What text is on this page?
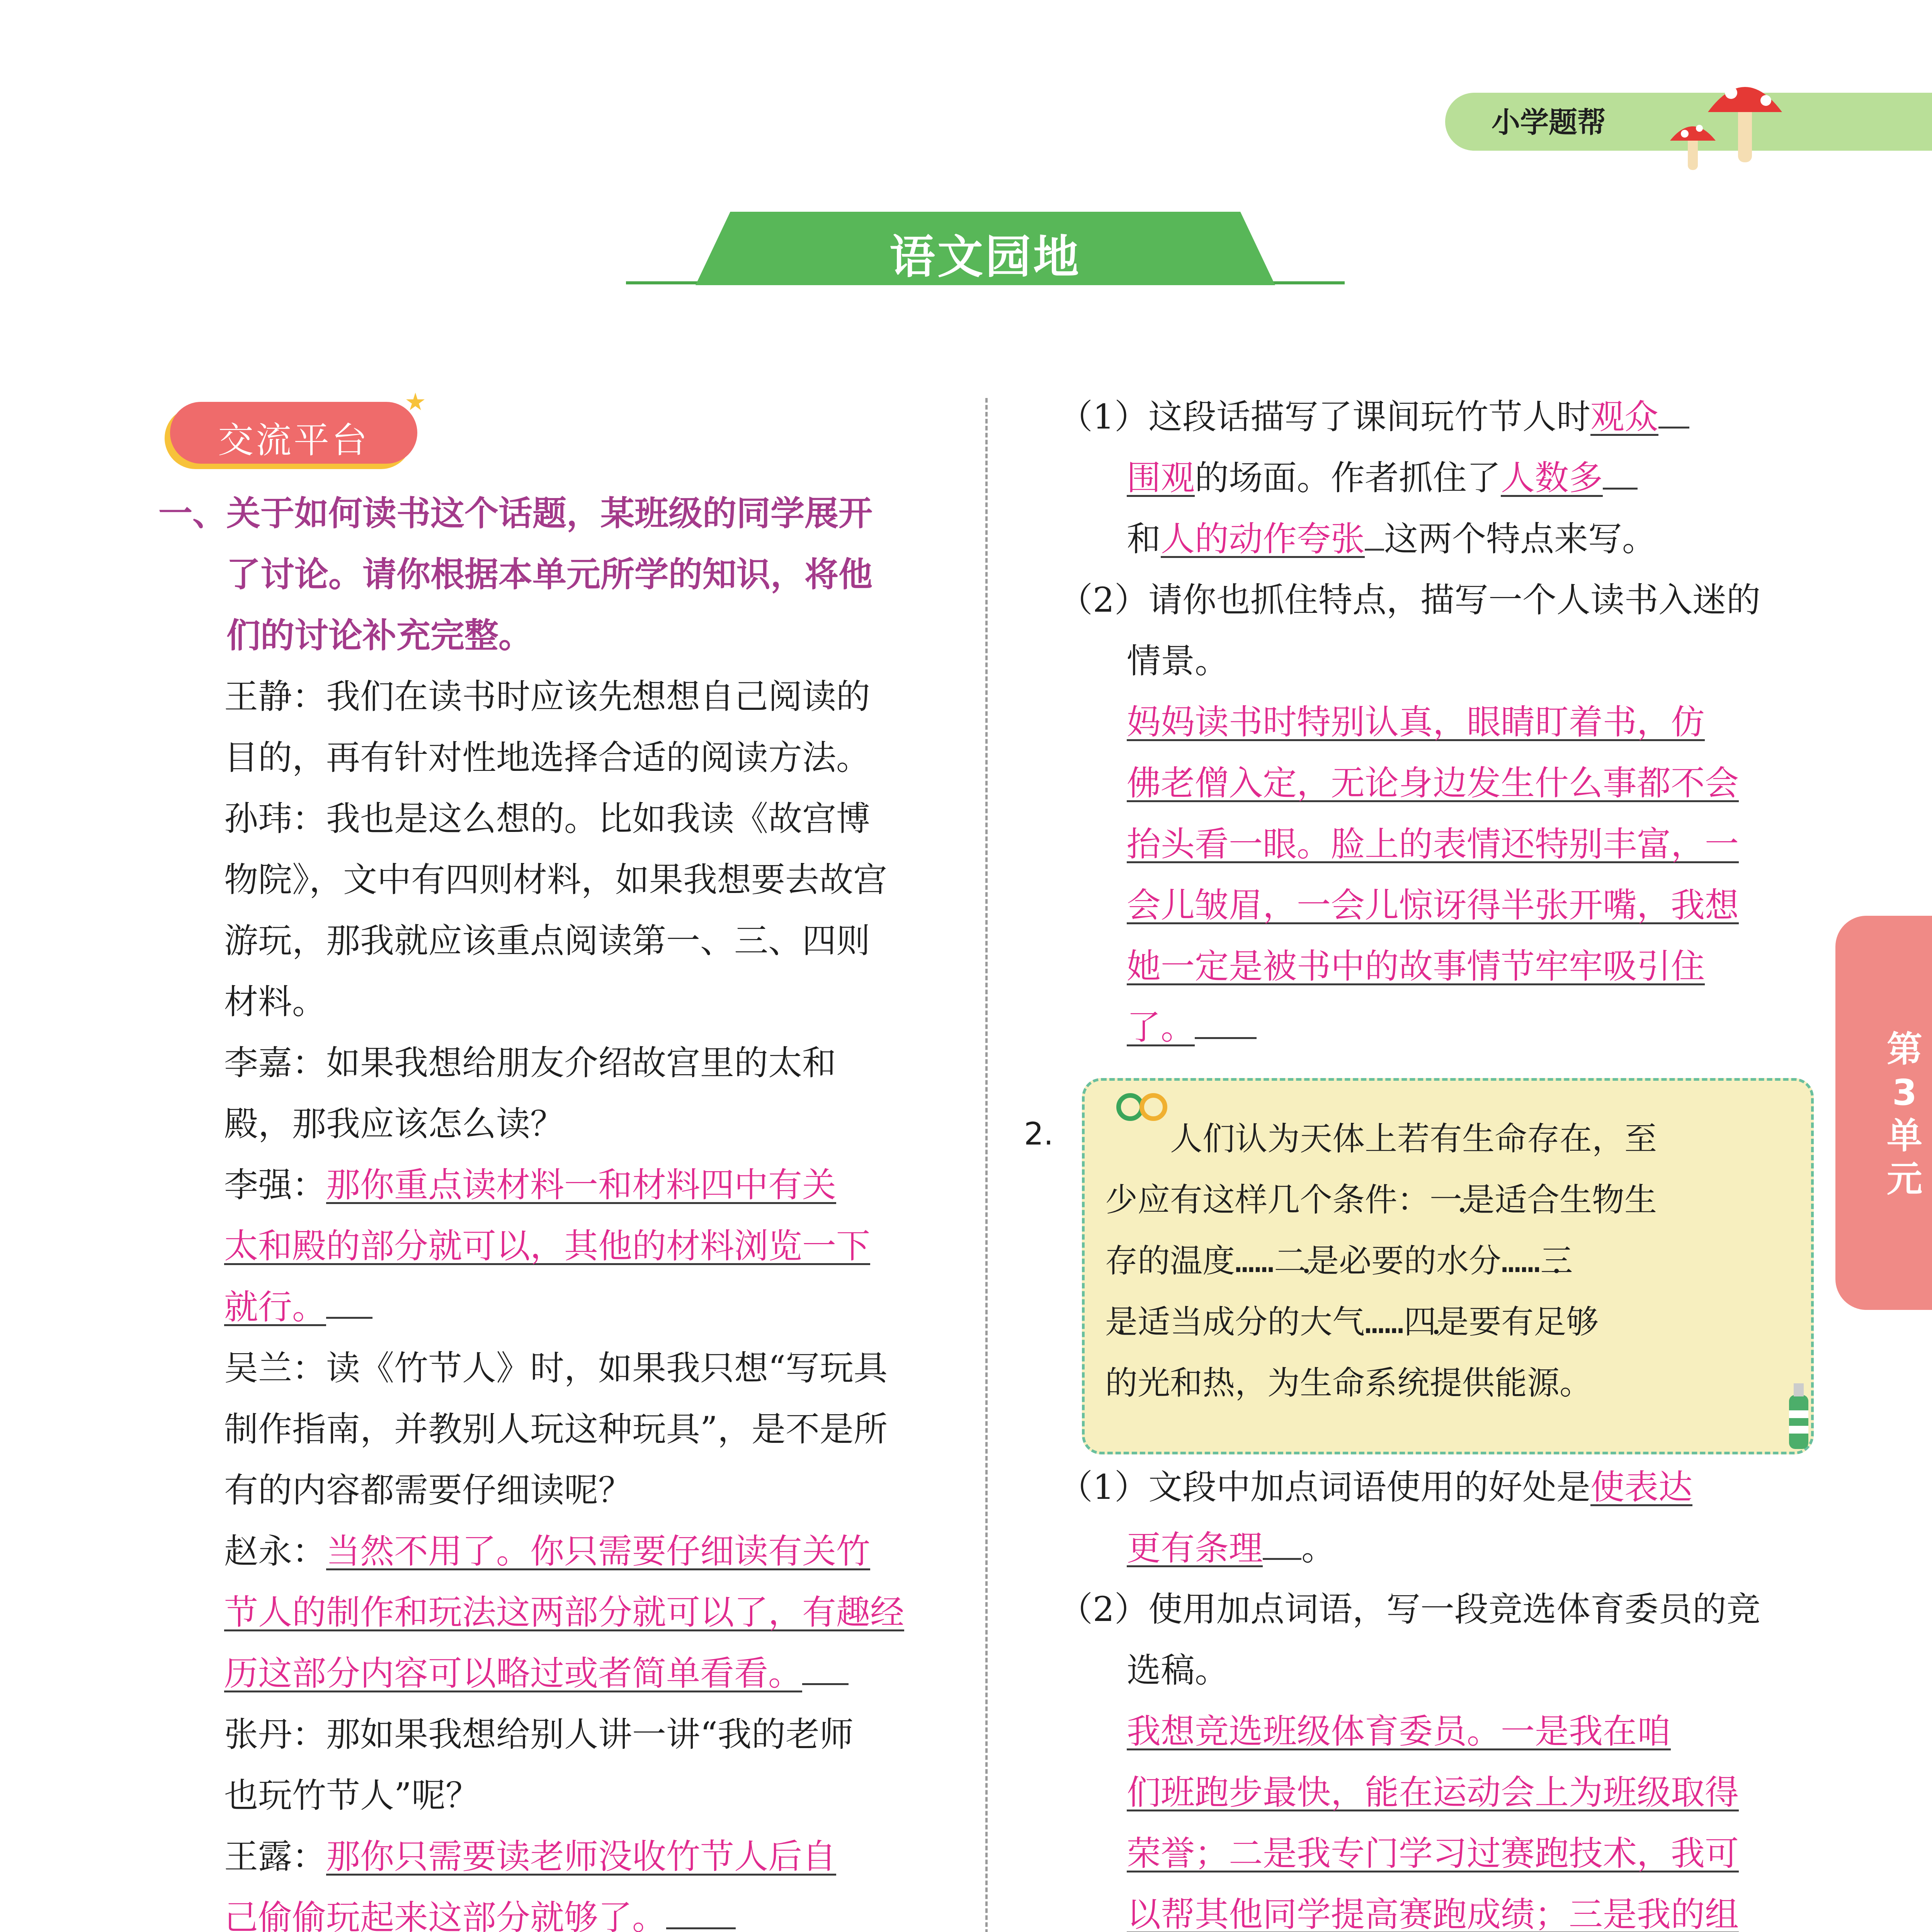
小学题帮
语文园地
第
3
单
元
交流平台
一、关于如何读书这个话题，某班级的同学展开
了讨论。请你根据本单元所学的知识，将他
们的讨论补充完整。

王静：我们在读书时应该先想想自己阅读的

目的，再有针对性地选择合适的阅读方法。

孙玮：我也是这么想的。比如我读《故宫博

物院》，文中有四则材料，如果我想要去故宫

游玩，那我就应该重点阅读第一、三、四则

材料。

李嘉：如果我想给朋友介绍故宫里的太和

殿，那我应该怎么读？

李强：那你重点读材料一和材料四中有关

太和殿的部分就可以，其他的材料浏览一下

就行。

吴兰：读《竹节人》时，如果我只想“写玩具

制作指南，并教别人玩这种玩具”，是不是所

有的内容都需要仔细读呢？

赵永：当然不用了。你只需要仔细读有关竹

节人的制作和玩法这两部分就可以了，有趣经

历这部分内容可以略过或者简单看看。

张丹：那如果我想给别人讲一讲“我的老师

也玩竹节人”呢？

王露：那你只需要读老师没收竹节人后自

己偷偷玩起来这部分就够了。

（1）这段话描写了课间玩竹节人时观众

围观的场面。作者抓住了人数多

和人的动作夸张 这两个特点来写。

（2）请你也抓住特点，描写一个人读书入迷的

情景。

妈妈读书时特别认真，眼睛盯着书，仿

佛老僧入定，无论身边发生什么事都不会

抬头看一眼。脸上的表情还特别丰富，一

会儿皱眉，一会儿惊讶得半张开嘴，我想

她一定是被书中的故事情节牢牢吸引住

了。

2.	人们认为天体上若有生命存在，至
少应有这样几个条件：一是适合生物生
存的温度……二是必要的水分……三
是适当成分的大气……四是要有足够
的光和热，为生命系统提供能源。

（1）文段中加点词语使用的好处是使表达

更有条理 。

（2）使用加点词语，写一段竞选体育委员的竞

选稿。

我想竞选班级体育委员。一是我在咱

们班跑步最快，能在运动会上为班级取得

荣誉；二是我专门学习过赛跑技术，我可

以帮其他同学提高赛跑成绩；三是我的组
